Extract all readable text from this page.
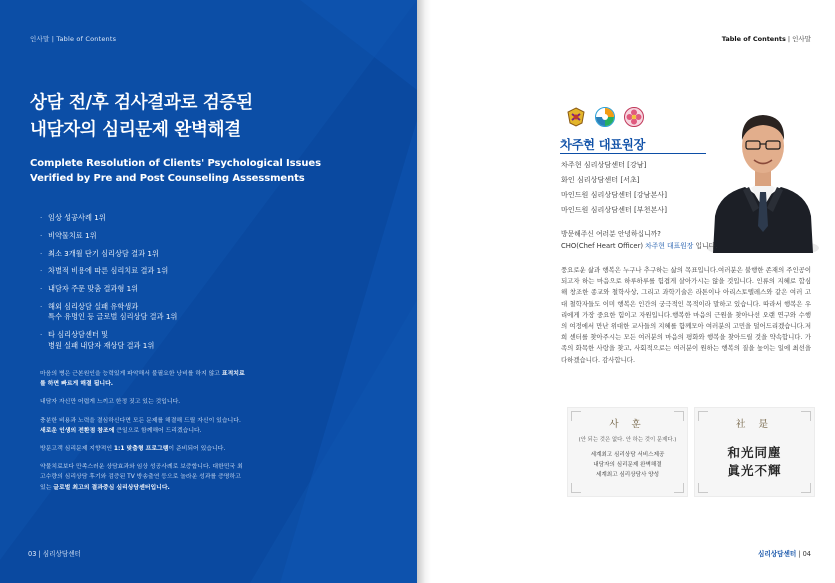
인사말 | Table of Contents
상담 전/후 검사결과로 검증된
내담자의 심리문제 완벽해결
Complete Resolution of Clients' Psychological Issues
Verified by Pre and Post Counseling Assessments
· 임상 성공사례 1위
· 비약물치료 1위
· 최소 3개월 단기 심리상담 결과 1위
· 차별적 비용에 따른 심리치료 결과 1위
· 내담자 주문 맞춤 결과형 1위
· 해외 심리상담 실패 유학생과
특수 유명인 등 글로벌 심리상담 결과 1위
· 타 심리상담센터 및
병원 실패 내담자 재상담 결과 1위

마음의 병은 근본원인을 능력있게 파악해서 불필요한 낭비를 하지 않고 표적치료를 하면 빠르게 해결 됩니다.

내담자 자신만 어렵게 느끼고 한정 짓고 있는 것입니다.

충분한 비용과 노력을 결심하신다면 모든 문제를 해결해 드릴 자신이 있습니다. 새로운 인생의 전환점 참조에 큰일으로 함께해어 드리겠습니다.

방문고객 심리문제 지향적인 1:1 맞춤형 프로그램이 준비되어 있습니다.

약물치료보다 만족스러운 상담효과와 임상 성공사례로 보증합니다. 대한민국 최고수량의 심리상담 후기와 검증된 TV 방송출연 등으로 놀라운 성과를 증명하고 있는 글로벌 최고의 결과중심 심리상담센터입니다.

03 | 심리상담센터
Table of Contents | 인사말
차주현 대표원장
차주현 심리상담센터 [강남]
화인 심리상담센터 [서초]
마인드원 심리상담센터 [강남본사]
마인드원 심리상담센터 [부천본사]
방문해주신 여러분 안녕하십니까?
CHO(Chef Heart Officer) 차주현 대표원장 입니다.
풍요로운 삶과 행복은 누구나 추구하는 삶의 목표입니다.여러분은 불행한 존재의 주인공이 되고자 하는 마음으로 하루하루를 힘겹게 살아가시는 않을 것입니다. 인류의 지혜로 합심해 창조한 종교와 철학사상, 그리고 과학기술은 라톤이나 아리스토텔레스와 같은 여러 고대 철학자들도 이미 행복은 인간의 궁극적인 목적이라 말하고 있습니다. 따라서 행복은 우리에게 가장 중요한 힘이고 자원입니다.행복한 마음의 근원을 찾아나선 오랜 연구와 수행의 여정에서 만난 위대한 교사들의 지혜를 함께모아 여러분의 고민을 덜어드리겠습니다.저희 센터를 찾아주시는 모든 여러분의 마음의 평화와 행복을 찾아드릴 것을 약속합니다. 가족의 화목한 사랑을 찾고, 사회적으로는 여러분이 원하는 행복의 질을 높이는 일에 최선을 다하겠습니다. 감사합니다.
사 훈
(안 되는 것은 없다. 안 하는 것이 문제다.)
세계최고 심리상담 서비스제공
내담자의 심리문제 완벽해결
세계최고 심리상담사 양성
社 是
和光同塵
眞光不輝
심리상담센터 | 04
